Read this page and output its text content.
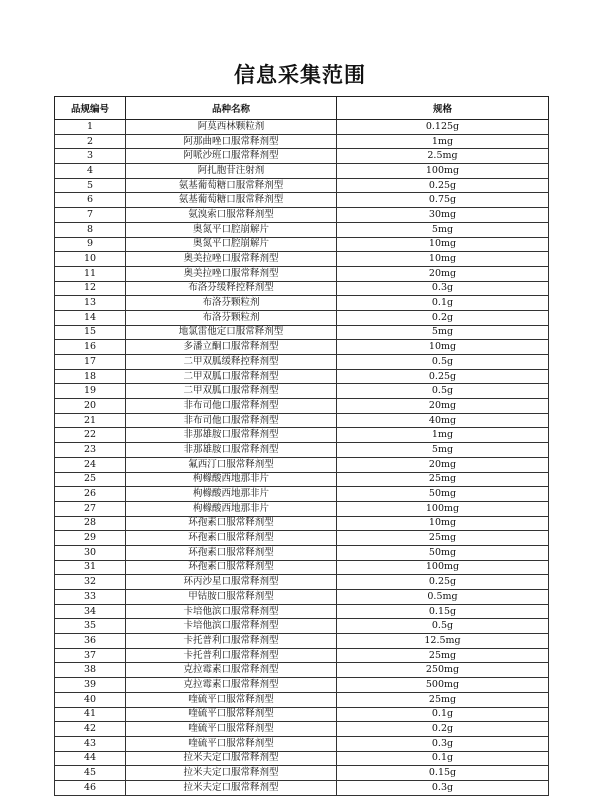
信息采集范围
品规编号	品种名称	规格
1	阿莫西林颗粒剂	0.125g
2	阿那曲唑口服常释剂型	1mg
3	阿哌沙班口服常释剂型	2.5mg
4	阿扎胞苷注射剂	100mg
5	氨基葡萄糖口服常释剂型	0.25g
6	氨基葡萄糖口服常释剂型	0.75g
7	氨溴索口服常释剂型	30mg
8	奥氮平口腔崩解片	5mg
9	奥氮平口腔崩解片	10mg
10	奥美拉唑口服常释剂型	10mg
11	奥美拉唑口服常释剂型	20mg
12	布洛芬缓释控释剂型	0.3g
13	布洛芬颗粒剂	0.1g
14	布洛芬颗粒剂	0.2g
15	地氯雷他定口服常释剂型	5mg
16	多潘立酮口服常释剂型	10mg
17	二甲双胍缓释控释剂型	0.5g
18	二甲双胍口服常释剂型	0.25g
19	二甲双胍口服常释剂型	0.5g
20	非布司他口服常释剂型	20mg
21	非布司他口服常释剂型	40mg
22	非那雄胺口服常释剂型	1mg
23	非那雄胺口服常释剂型	5mg
24	氟西汀口服常释剂型	20mg
25	枸橼酸西地那非片	25mg
26	枸橼酸西地那非片	50mg
27	枸橼酸西地那非片	100mg
28	环孢素口服常释剂型	10mg
29	环孢素口服常释剂型	25mg
30	环孢素口服常释剂型	50mg
31	环孢素口服常释剂型	100mg
32	环丙沙星口服常释剂型	0.25g
33	甲钴胺口服常释剂型	0.5mg
34	卡培他滨口服常释剂型	0.15g
35	卡培他滨口服常释剂型	0.5g
36	卡托普利口服常释剂型	12.5mg
37	卡托普利口服常释剂型	25mg
38	克拉霉素口服常释剂型	250mg
39	克拉霉素口服常释剂型	500mg
40	喹硫平口服常释剂型	25mg
41	喹硫平口服常释剂型	0.1g
42	喹硫平口服常释剂型	0.2g
43	喹硫平口服常释剂型	0.3g
44	拉米夫定口服常释剂型	0.1g
45	拉米夫定口服常释剂型	0.15g
46	拉米夫定口服常释剂型	0.3g
